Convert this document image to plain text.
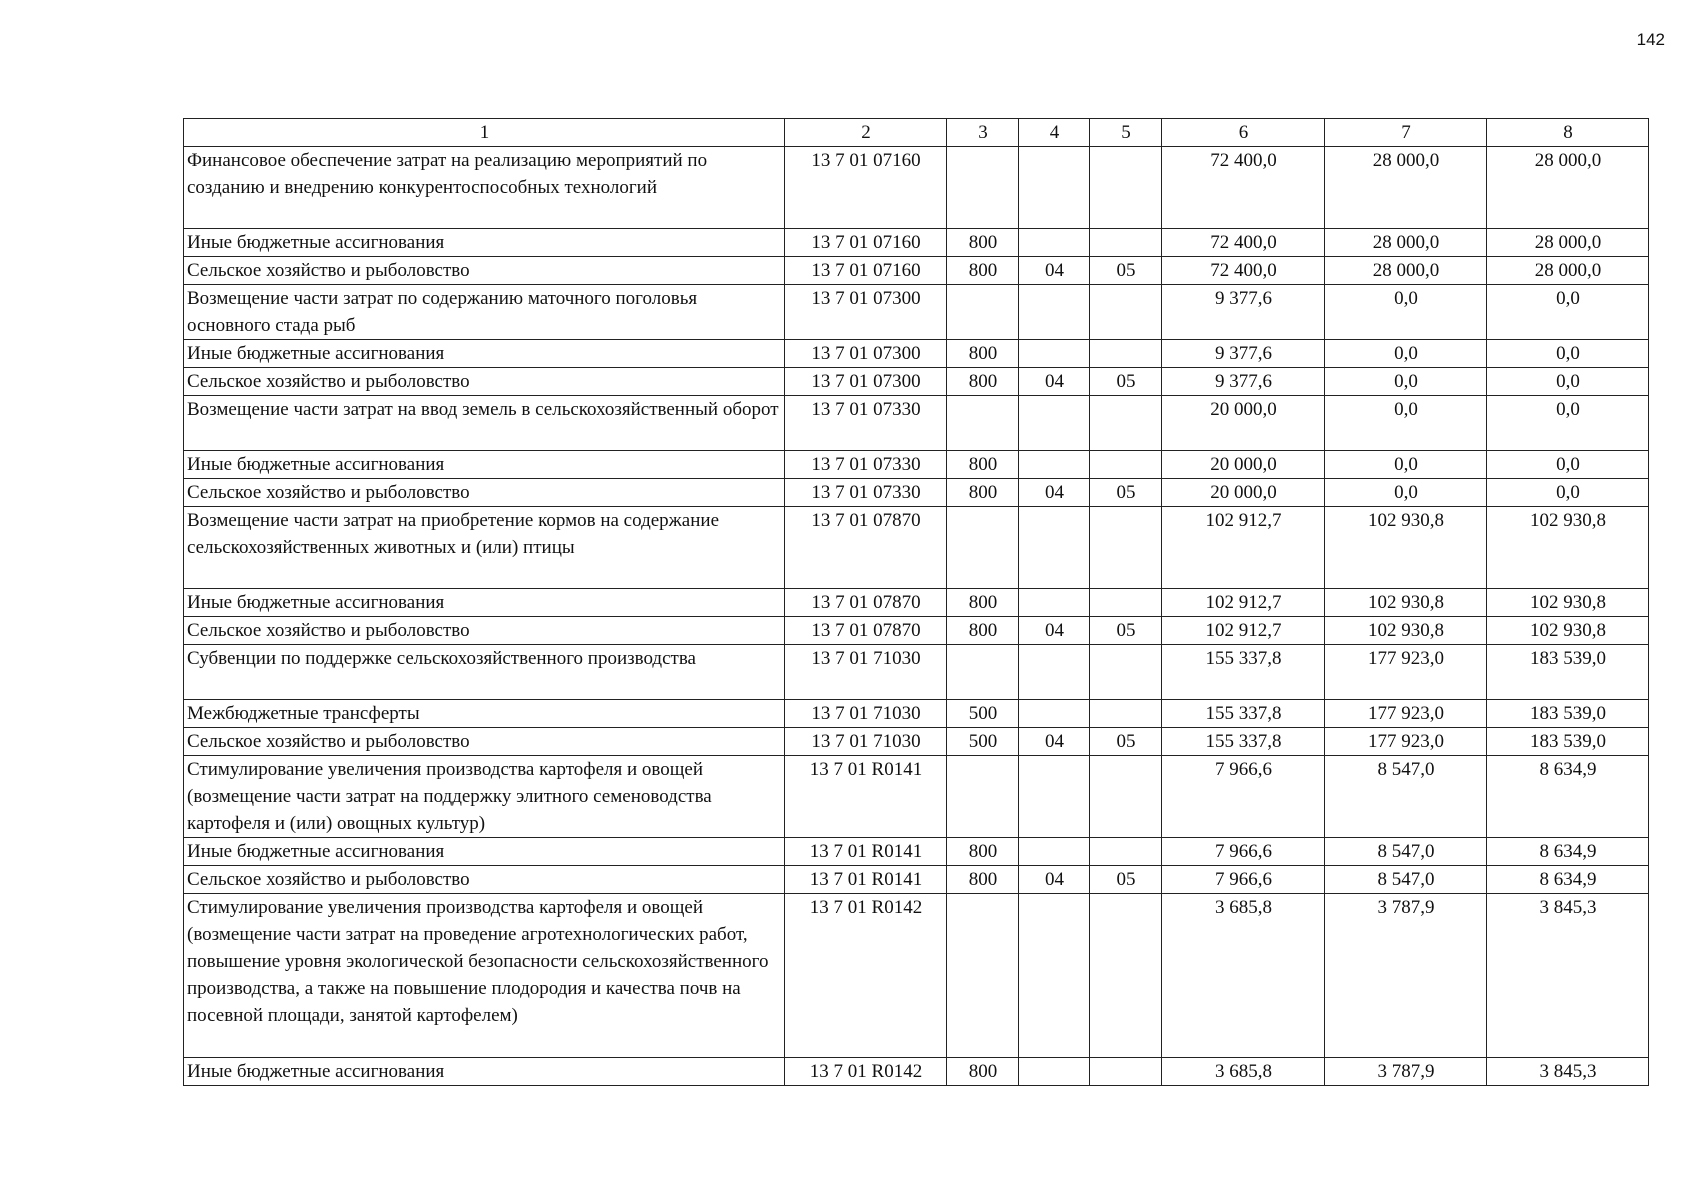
142
1	2	3	4	5	6	7	8
Финансовое обеспечение затрат на реализацию мероприятий по созданию и внедрению конкурентоспособных технологий	13 7 01 07160				72 400,0	28 000,0	28 000,0
Иные бюджетные ассигнования	13 7 01 07160	800			72 400,0	28 000,0	28 000,0
Сельское хозяйство и рыболовство	13 7 01 07160	800	04	05	72 400,0	28 000,0	28 000,0
Возмещение части затрат по содержанию маточного поголовья основного стада рыб	13 7 01 07300				9 377,6	0,0	0,0
Иные бюджетные ассигнования	13 7 01 07300	800			9 377,6	0,0	0,0
Сельское хозяйство и рыболовство	13 7 01 07300	800	04	05	9 377,6	0,0	0,0
Возмещение части затрат на ввод земель в сельскохозяйственный оборот	13 7 01 07330				20 000,0	0,0	0,0
Иные бюджетные ассигнования	13 7 01 07330	800			20 000,0	0,0	0,0
Сельское хозяйство и рыболовство	13 7 01 07330	800	04	05	20 000,0	0,0	0,0
Возмещение части затрат на приобретение кормов на содержание сельскохозяйственных животных и (или) птицы	13 7 01 07870				102 912,7	102 930,8	102 930,8
Иные бюджетные ассигнования	13 7 01 07870	800			102 912,7	102 930,8	102 930,8
Сельское хозяйство и рыболовство	13 7 01 07870	800	04	05	102 912,7	102 930,8	102 930,8
Субвенции по поддержке сельскохозяйственного производства	13 7 01 71030				155 337,8	177 923,0	183 539,0
Межбюджетные трансферты	13 7 01 71030	500			155 337,8	177 923,0	183 539,0
Сельское хозяйство и рыболовство	13 7 01 71030	500	04	05	155 337,8	177 923,0	183 539,0
Стимулирование увеличения производства картофеля и овощей (возмещение части затрат на поддержку элитного семеноводства картофеля и (или) овощных культур)	13 7 01 R0141				7 966,6	8 547,0	8 634,9
Иные бюджетные ассигнования	13 7 01 R0141	800			7 966,6	8 547,0	8 634,9
Сельское хозяйство и рыболовство	13 7 01 R0141	800	04	05	7 966,6	8 547,0	8 634,9
Стимулирование увеличения производства картофеля и овощей (возмещение части затрат на проведение агротехнологических работ, повышение уровня экологической безопасности сельскохозяйственного производства, а также на повышение плодородия и качества почв на посевной площади, занятой картофелем)	13 7 01 R0142				3 685,8	3 787,9	3 845,3
Иные бюджетные ассигнования	13 7 01 R0142	800			3 685,8	3 787,9	3 845,3
